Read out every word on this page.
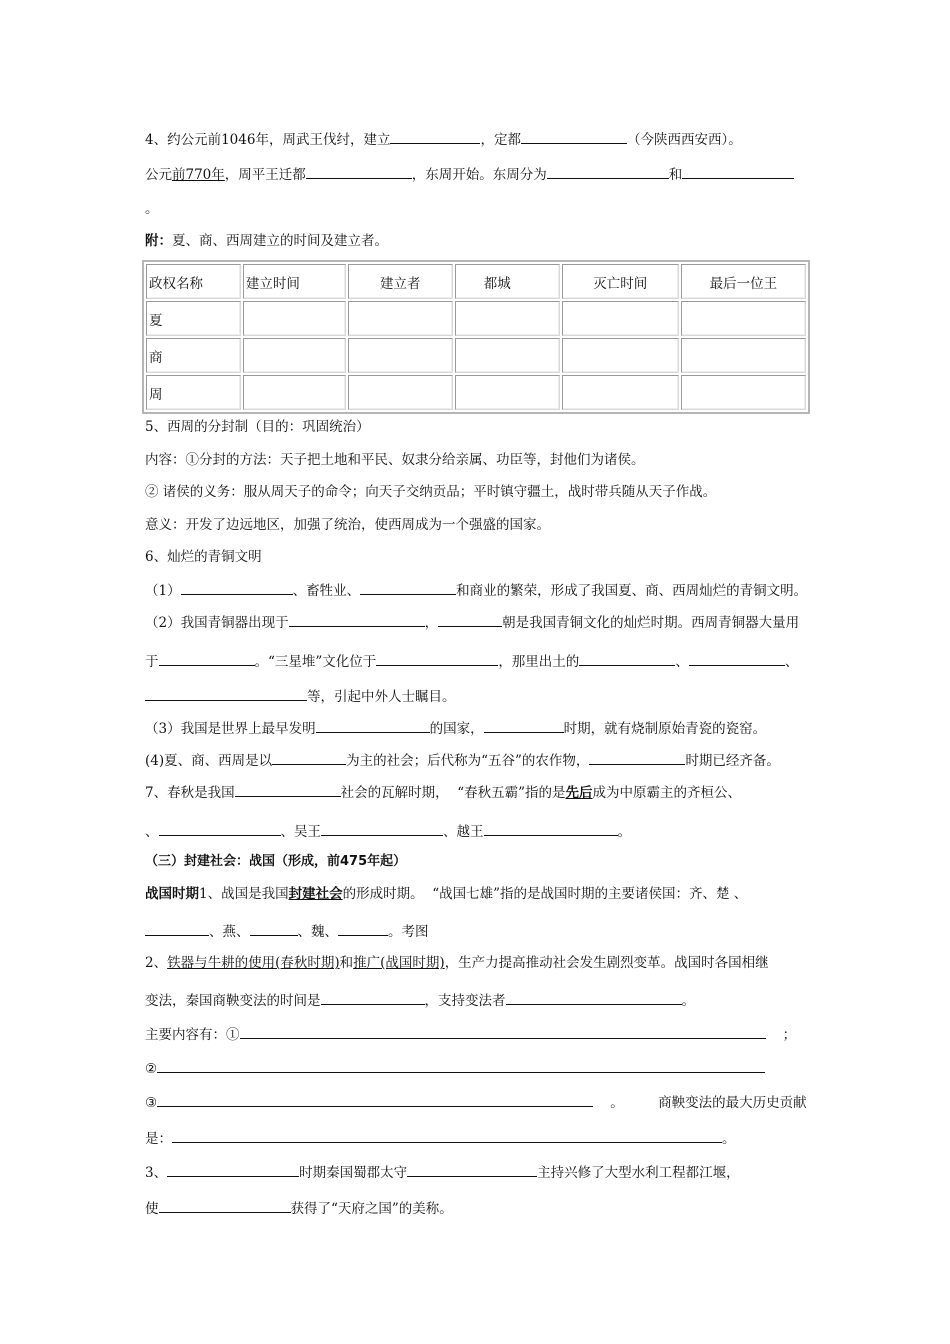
4、约公元前1046年，周武王伐纣，建立	，定都	（今陕西西安西）。
公元前770年，周平王迁都	，东周开始。东周分为	和
。
附：夏、商、西周建立的时间及建立者。
政权名称	建立时间	建立者	都城	灭亡时间	最后一位王
夏					
商					
周					
5、西周的分封制（目的：巩固统治）
内容：①分封的方法：天子把土地和平民、奴隶分给亲属、功臣等，封他们为诸侯。
② 诸侯的义务：服从周天子的命令；向天子交纳贡品；平时镇守疆土，战时带兵随从天子作战。
意义：开发了边远地区，加强了统治，使西周成为一个强盛的国家。
6、灿烂的青铜文明
（1）	、畜牲业、	和商业的繁荣，形成了我国夏、商、西周灿烂的青铜文明。
（2）我国青铜器出现于	，	朝是我国青铜文化的灿烂时期。西周青铜器大量用
于	。“三星堆”文化位于	，那里出土的	、	、
等，引起中外人士瞩目。
（3）我国是世界上最早发明	的国家，	时期，就有烧制原始青瓷的瓷窑。
(4)夏、商、西周是以	为主的社会；后代称为“五谷”的农作物，	时期已经齐备。
7、春秋是我国	社会的瓦解时期， “春秋五霸”指的是先后成为中原霸主的齐桓公、
、	、吴王	、越王	。
（三）封建社会：战国（形成，前475年起）
战国时期1、战国是我国封建社会的形成时期。 “战国七雄”指的是战国时期的主要诸侯国：齐、楚 、
、燕、	、魏、	。考图
2、铁器与牛耕的使用(春秋时期)和推广(战国时期)，生产力提高推动社会发生剧烈变革。战国时各国相继
变法，秦国商鞅变法的时间是	，支持变法者	。
主要内容有：①	；
②
③	。	商鞅变法的最大历史贡献
是：	。
3、	时期秦国蜀郡太守	主持兴修了大型水利工程都江堰，
使	获得了“天府之国”的美称。
